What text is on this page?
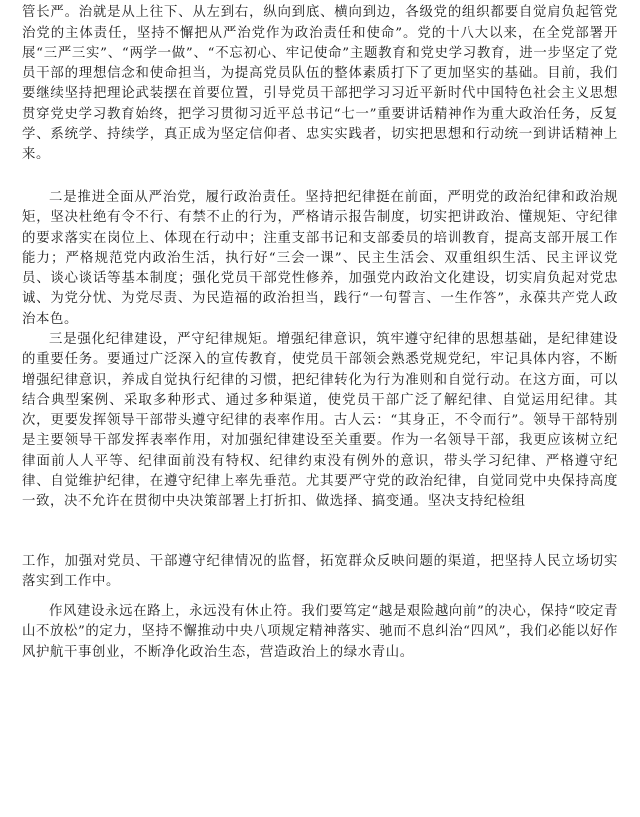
管长严。治就是从上往下、从左到右，纵向到底、横向到边，各级党的组织都要自觉肩负起管党治党的主体责任，坚持不懈把从严治党作为政治责任和使命”。党的十八大以来，在全党部署开展“三严三实”、“两学一做”、“不忘初心、牢记使命”主题教育和党史学习教育，进一步坚定了党员干部的理想信念和使命担当，为提高党员队伍的整体素质打下了更加坚实的基础。目前，我们要继续坚持把理论武装摆在首要位置，引导党员干部把学习习近平新时代中国特色社会主义思想贯穿党史学习教育始终，把学习贯彻习近平总书记“七一”重要讲话精神作为重大政治任务，反复学、系统学、持续学，真正成为坚定信仰者、忠实实践者，切实把思想和行动统一到讲话精神上来。

二是推进全面从严治党，履行政治责任。坚持把纪律挺在前面，严明党的政治纪律和政治规矩，坚决杜绝有令不行、有禁不止的行为，严格请示报告制度，切实把讲政治、懂规矩、守纪律的要求落实在岗位上、体现在行动中；注重支部书记和支部委员的培训教育，提高支部开展工作能力；严格规范党内政治生活，执行好“三会一课”、民主生活会、双重组织生活、民主评议党员、谈心谈话等基本制度；强化党员干部党性修养，加强党内政治文化建设，切实肩负起对党忠诚、为党分忧、为党尽责、为民造福的政治担当，践行“一句誓言、一生作答”，永葆共产党人政治本色。

三是强化纪律建设，严守纪律规矩。增强纪律意识，筑牢遵守纪律的思想基础，是纪律建设的重要任务。要通过广泛深入的宣传教育，使党员干部领会熟悉党规党纪，牢记具体内容，不断增强纪律意识，养成自觉执行纪律的习惯，把纪律转化为行为准则和自觉行动。在这方面，可以结合典型案例、采取多种形式、通过多种渠道，使党员干部广泛了解纪律、自觉运用纪律。其次，更要发挥领导干部带头遵守纪律的表率作用。古人云：“其身正，不令而行”。领导干部特别是主要领导干部发挥表率作用，对加强纪律建设至关重要。作为一名领导干部，我更应该树立纪律面前人人平等、纪律面前没有特权、纪律约束没有例外的意识，带头学习纪律、严格遵守纪律、自觉维护纪律，在遵守纪律上率先垂范。尤其要严守党的政治纪律，自觉同党中央保持高度一致，决不允许在贯彻中央决策部署上打折扣、做选择、搞变通。坚决支持纪检组

工作，加强对党员、干部遵守纪律情况的监督，拓宽群众反映问题的渠道，把坚持人民立场切实落实到工作中。

作风建设永远在路上，永远没有休止符。我们要笃定“越是艰险越向前”的决心，保持“咬定青山不放松”的定力，坚持不懈推动中央八项规定精神落实、驰而不息纠治“四风”，我们必能以好作风护航干事创业，不断净化政治生态，营造政治上的绿水青山。
